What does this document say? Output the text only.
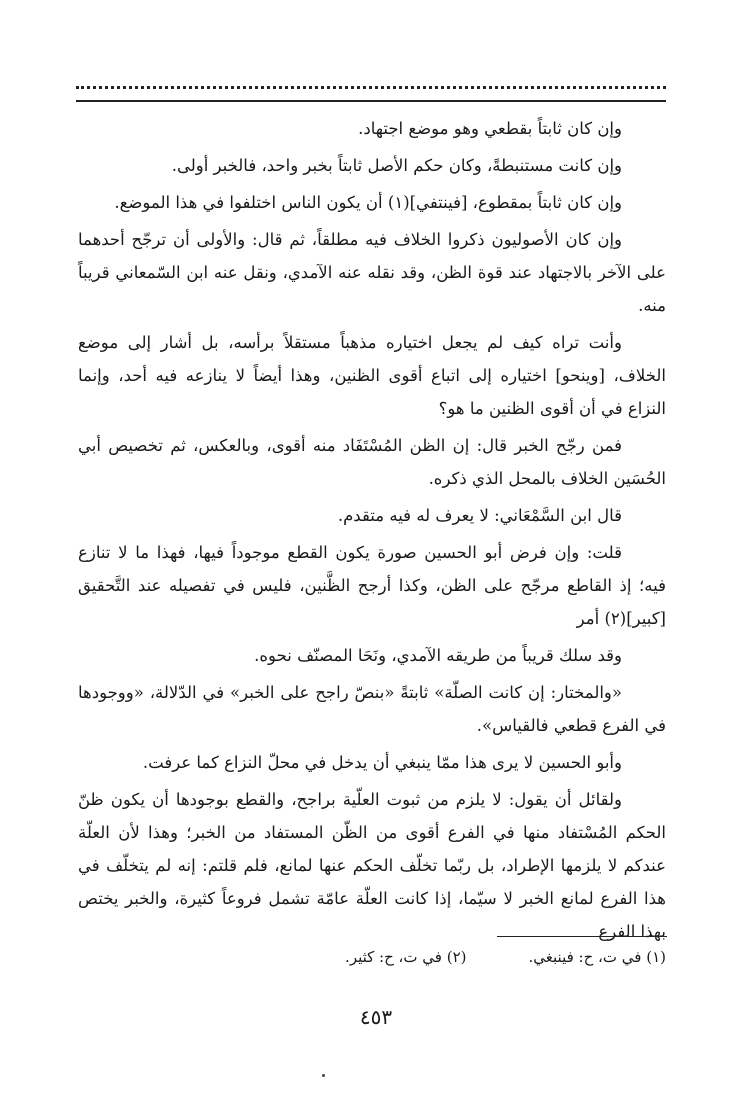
وإن كان ثابتاً بقطعي وهو موضع اجتهاد.

وإن كانت مستنبطةً، وكان حكم الأصل ثابتاً بخبر واحد، فالخبر أولى.

وإن كان ثابتاً بمقطوع، [فينتفي](١) أن يكون الناس اختلفوا في هذا الموضع.

وإن كان الأصوليون ذكروا الخلاف فيه مطلقاً، ثم قال: والأولى أن ترجّح أحدهما على الآخر بالاجتهاد عند قوة الظن، وقد نقله عنه الآمدي، ونقل عنه ابن السّمعاني قريباً منه.

وأنت تراه كيف لم يجعل اختياره مذهباً مستقلاً برأسه، بل أشار إلى موضع الخلاف، [وينحو] اختياره إلى اتباع أقوى الظنين، وهذا أيضاً لا ينازعه فيه أحد، وإنما النزاع في أن أقوى الظنين ما هو؟

فمن رجّح الخبر قال: إن الظن المُسْتَفَاد منه أقوى، وبالعكس، ثم تخصيص أبي الحُسَين الخلاف بالمحل الذي ذكره.

قال ابن السَّمْعَاني: لا يعرف له فيه متقدم.

قلت: وإن فرض أبو الحسين صورة يكون القطع موجوداً فيها، فهذا ما لا تنازع فيه؛ إذ القاطع مرجّح على الظن، وكذا أرجح الظَّنين، فليس في تفصيله عند التَّحقيق [كبير](٢) أمر

وقد سلك قريباً من طريقه الآمدي، ونَحَا المصنّف نحوه.

«والمختار: إن كانت الصلّة» ثابتةً «بنصّ راجح على الخبر» في الدّلالة، «ووجودها في الفرع قطعي فالقياس».

وأبو الحسين لا يرى هذا ممّا ينبغي أن يدخل في محلّ النزاع كما عرفت.

ولقائل أن يقول: لا يلزم من ثبوت العلّية براجح، والقطع بوجودها أن يكون ظنّ الحكم المُسْتفاد منها في الفرع أقوى من الظّن المستفاد من الخبر؛ وهذا لأن العلّة عندكم لا يلزمها الإطراد، بل ربّما تخلّف الحكم عنها لمانع، فلم قلتم: إنه لم يتخلّف في هذا الفرع لمانع الخبر لا سيّما، إذا كانت العلّة عامّة تشمل فروعاً كثيرة، والخبر يختص بهذا الفرع

(١) في ت، ح: فينبغي.
(٢) في ت، ح: كثير.
٤٥٣
